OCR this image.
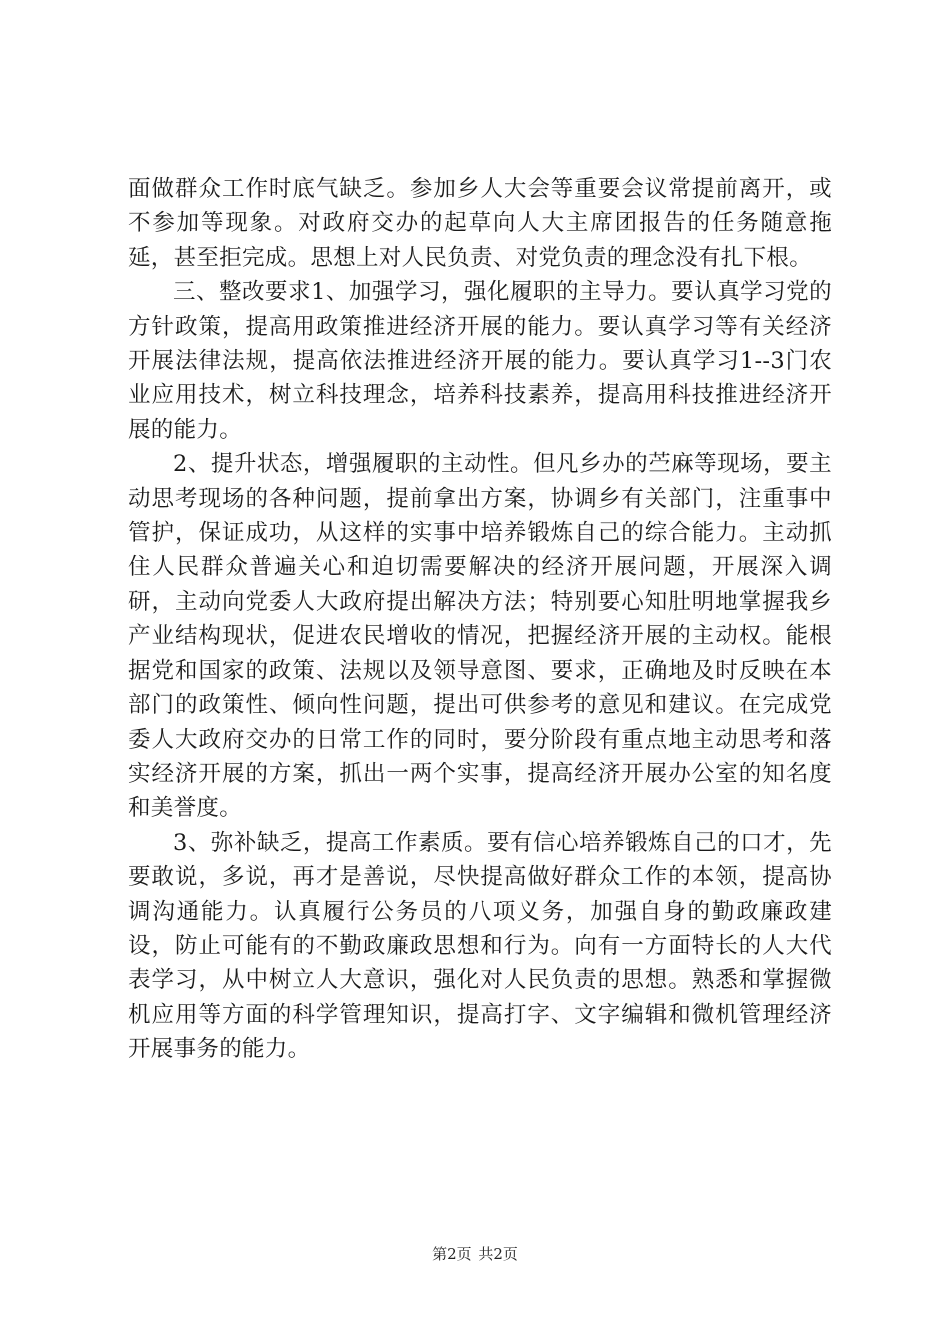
面做群众工作时底气缺乏。参加乡人大会等重要会议常提前离开，或不参加等现象。对政府交办的起草向人大主席团报告的任务随意拖延，甚至拒完成。思想上对人民负责、对党负责的理念没有扎下根。

三、整改要求1、加强学习，强化履职的主导力。要认真学习党的方针政策，提高用政策推进经济开展的能力。要认真学习等有关经济开展法律法规，提高依法推进经济开展的能力。要认真学习1--3门农业应用技术，树立科技理念，培养科技素养，提高用科技推进经济开展的能力。

2、提升状态，增强履职的主动性。但凡乡办的苎麻等现场，要主动思考现场的各种问题，提前拿出方案，协调乡有关部门，注重事中管护，保证成功，从这样的实事中培养锻炼自己的综合能力。主动抓住人民群众普遍关心和迫切需要解决的经济开展问题，开展深入调研，主动向党委人大政府提出解决方法；特别要心知肚明地掌握我乡产业结构现状，促进农民增收的情况，把握经济开展的主动权。能根据党和国家的政策、法规以及领导意图、要求，正确地及时反映在本部门的政策性、倾向性问题，提出可供参考的意见和建议。在完成党委人大政府交办的日常工作的同时，要分阶段有重点地主动思考和落实经济开展的方案，抓出一两个实事，提高经济开展办公室的知名度和美誉度。

3、弥补缺乏，提高工作素质。要有信心培养锻炼自己的口才，先要敢说，多说，再才是善说，尽快提高做好群众工作的本领，提高协调沟通能力。认真履行公务员的八项义务，加强自身的勤政廉政建设，防止可能有的不勤政廉政思想和行为。向有一方面特长的人大代表学习，从中树立人大意识，强化对人民负责的思想。熟悉和掌握微机应用等方面的科学管理知识，提高打字、文字编辑和微机管理经济开展事务的能力。

第2页 共2页
